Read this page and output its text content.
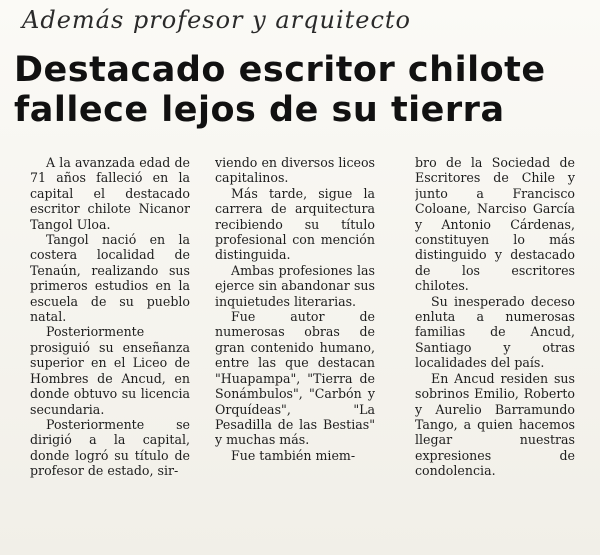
Además profesor y arquitecto
Destacado escritor chilote
fallece lejos de su tierra

A la avanzada edad de 71 años falleció en la capital el destacado escritor chilote Nicanor Tangol Uloa.

Tangol nació en la costera localidad de Tenaún, realizando sus primeros estudios en la escuela de su pueblo natal.

Posteriormente prosiguió su enseñanza superior en el Liceo de Hombres de Ancud, en donde obtuvo su licencia secundaria.

Posteriormente se dirigió a la capital, donde logró su título de profesor de estado, sir-

viendo en diversos liceos capitalinos.

Más tarde, sigue la carrera de arquitectura recibiendo su título profesional con mención distinguida.

Ambas profesiones las ejerce sin abandonar sus inquietudes literarias.

Fue autor de numerosas obras de gran contenido humano, entre las que destacan "Huapampa", "Tierra de Sonámbulos", "Carbón y Orquídeas", "La Pesadilla de las Bestias" y muchas más.

Fue también miem-

bro de la Sociedad de Escritores de Chile y junto a Francisco Coloane, Narciso García y Antonio Cárdenas, constituyen lo más distinguido y destacado de los escritores chilotes.

Su inesperado deceso enluta a numerosas familias de Ancud, Santiago y otras localidades del país.

En Ancud residen sus sobrinos Emilio, Roberto y Aurelio Barramundo Tango, a quien hacemos llegar nuestras expresiones de condolencia.
